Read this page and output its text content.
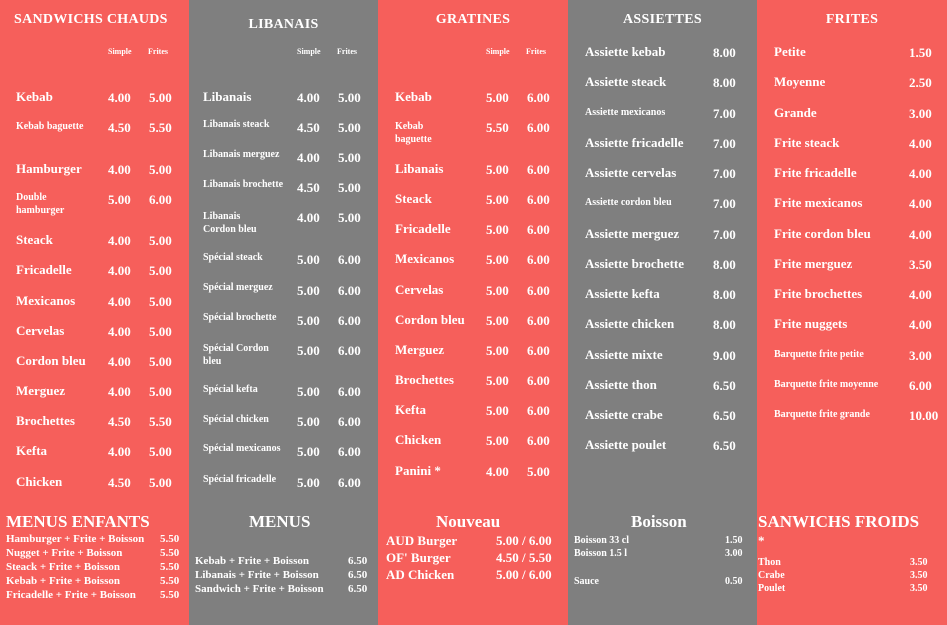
SANDWICHS CHAUDS
Simple Frites
Kebab	4.00 5.00
Kebab baguette	4.50 5.50
Hamburger 4.00 5.00
Double hamburger
5.00 6.00
Steack	4.00 5.00
Fricadelle	4.00 5.00
Mexicanos	4.00 5.00
Cervelas	4.00 5.00
Cordon bleu 4.00 5.00
Merguez	4.00 5.00
Brochettes	4.50 5.50
Kefta	4.00 5.00
Chicken	4.50 5.00
LIBANAIS
Simple Frites
Libanais	4.00 5.00
Libanais steack 4.50 5.00
Libanais merguez 4.00 5.00
Libanais brochette 4.50 5.00
Libanais Cordon bleu
4.00 5.00
Spécial steack	5.00 6.00
Spécial merguez 5.00 6.00
Spécial brochette 5.00 6.00
Spécial Cordon bleu
5.00 6.00
Spécial kefta	5.00 6.00
Spécial chicken 5.00 6.00
Spécial mexicanos 5.00 6.00
Spécial fricadelle 5.00 6.00
GRATINES
Simple Frites
Kebab	5.00 6.00
Kebab baguette
5.50 6.00
Libanais	5.00 6.00
Steack	5.00 6.00
Fricadelle	5.00 6.00
Mexicanos 5.00 6.00
Cervelas	5.00 6.00
Cordon bleu 5.00 6.00
Merguez	5.00 6.00
Brochettes 5.00 6.00
Kefta	5.00 6.00
Chicken	5.00 6.00
Panini *	4.00 5.00
ASSIETTES
Assiette kebab	8.00
Assiette steack	8.00
Assiette mexicanos	7.00
Assiette fricadelle 7.00
Assiette cervelas	7.00
Assiette cordon bleu	7.00
Assiette merguez	7.00
Assiette brochette 8.00
Assiette kefta	8.00
Assiette chicken	8.00
Assiette mixte	9.00
Assiette thon	6.50
Assiette crabe	6.50
Assiette poulet	6.50
FRITES
Petite	1.50
Moyenne	2.50
Grande	3.00
Frite steack	4.00
Frite fricadelle	4.00
Frite mexicanos	4.00
Frite cordon bleu	4.00
Frite merguez	3.50
Frite brochettes	4.00
Frite nuggets	4.00
Barquette frite petite	3.00
Barquette frite moyenne 6.00
Barquette frite grande	10.00
MENUS ENFANTS
Hamburger + Frite + Boisson 5.50
Nugget + Frite + Boisson	5.50
Steack + Frite + Boisson	5.50
Kebab + Frite + Boisson	5.50
Fricadelle + Frite + Boisson 5.50
MENUS
Kebab + Frite + Boisson	6.50
Libanais + Frite + Boisson	6.50
Sandwich + Frite + Boisson 6.50
Nouveau
AUD Burger	5.00 / 6.00
OF' Burger	4.50 / 5.50
AD Chicken	5.00 / 6.00
Boisson
Boisson 33 cl	1.50
Boisson 1.5 l	3.00
Sauce	0.50
SANWICHS FROIDS
*
Thon	3.50
Crabe	3.50
Poulet	3.50
